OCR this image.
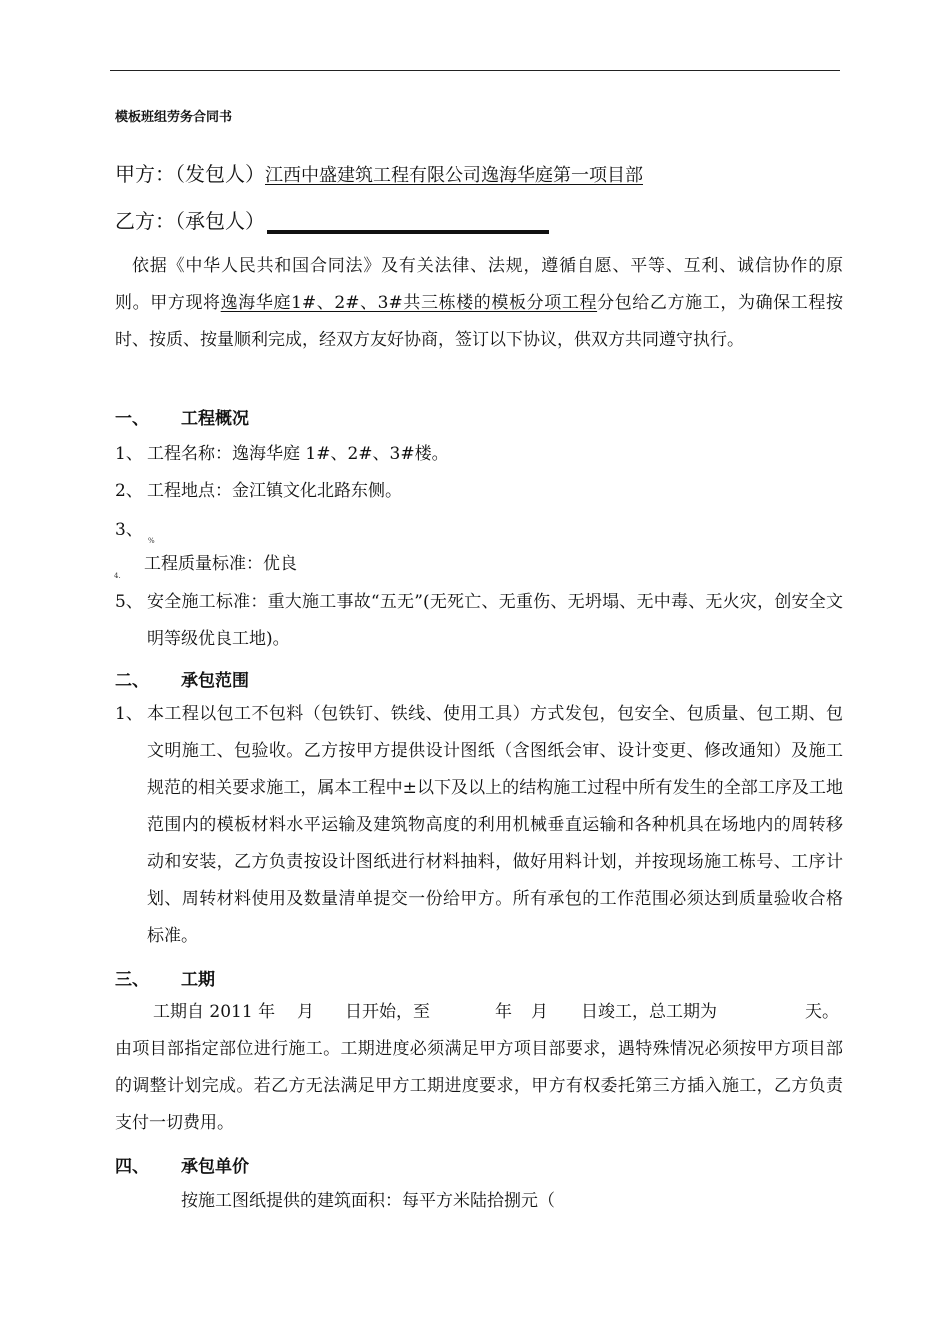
模板班组劳务合同书
甲方：（发包人）江西中盛建筑工程有限公司逸海华庭第一项目部
乙方：（承包人）
依据《中华人民共和国合同法》及有关法律、法规，遵循自愿、平等、互利、诚信协作的原则。甲方现将逸海华庭1#、2#、3#共三栋楼的模板分项工程分包给乙方施工，为确保工程按时、按质、按量顺利完成，经双方友好协商，签订以下协议，供双方共同遵守执行。
一、 工程概况
1、 工程名称：逸海华庭 1#、2#、3#楼。
2、 工程地点：金江镇文化北路东侧。
3、
%
4.
工程质量标准：优良
5、 安全施工标准：重大施工事故“五无”(无死亡、无重伤、无坍塌、无中毒、无火灾，创安全文明等级优良工地)。
二、 承包范围
1、 本工程以包工不包料（包铁钉、铁线、使用工具）方式发包，包安全、包质量、包工期、包文明施工、包验收。乙方按甲方提供设计图纸（含图纸会审、设计变更、修改通知）及施工规范的相关要求施工，属本工程中±以下及以上的结构施工过程中所有发生的全部工序及工地范围内的模板材料水平运输及建筑物高度的利用机械垂直运输和各种机具在场地内的周转移动和安装，乙方负责按设计图纸进行材料抽料，做好用料计划，并按现场施工栋号、工序计划、周转材料使用及数量清单提交一份给甲方。所有承包的工作范围必须达到质量验收合格标准。
三、 工期
工期自 2011 年 月 日开始，至	年 月 日竣工，总工期为	天。
由项目部指定部位进行施工。工期进度必须满足甲方项目部要求，遇特殊情况必须按甲方项目部的调整计划完成。若乙方无法满足甲方工期进度要求，甲方有权委托第三方插入施工，乙方负责支付一切费用。
四、 承包单价
按施工图纸提供的建筑面积：每平方米陆拾捌元（
